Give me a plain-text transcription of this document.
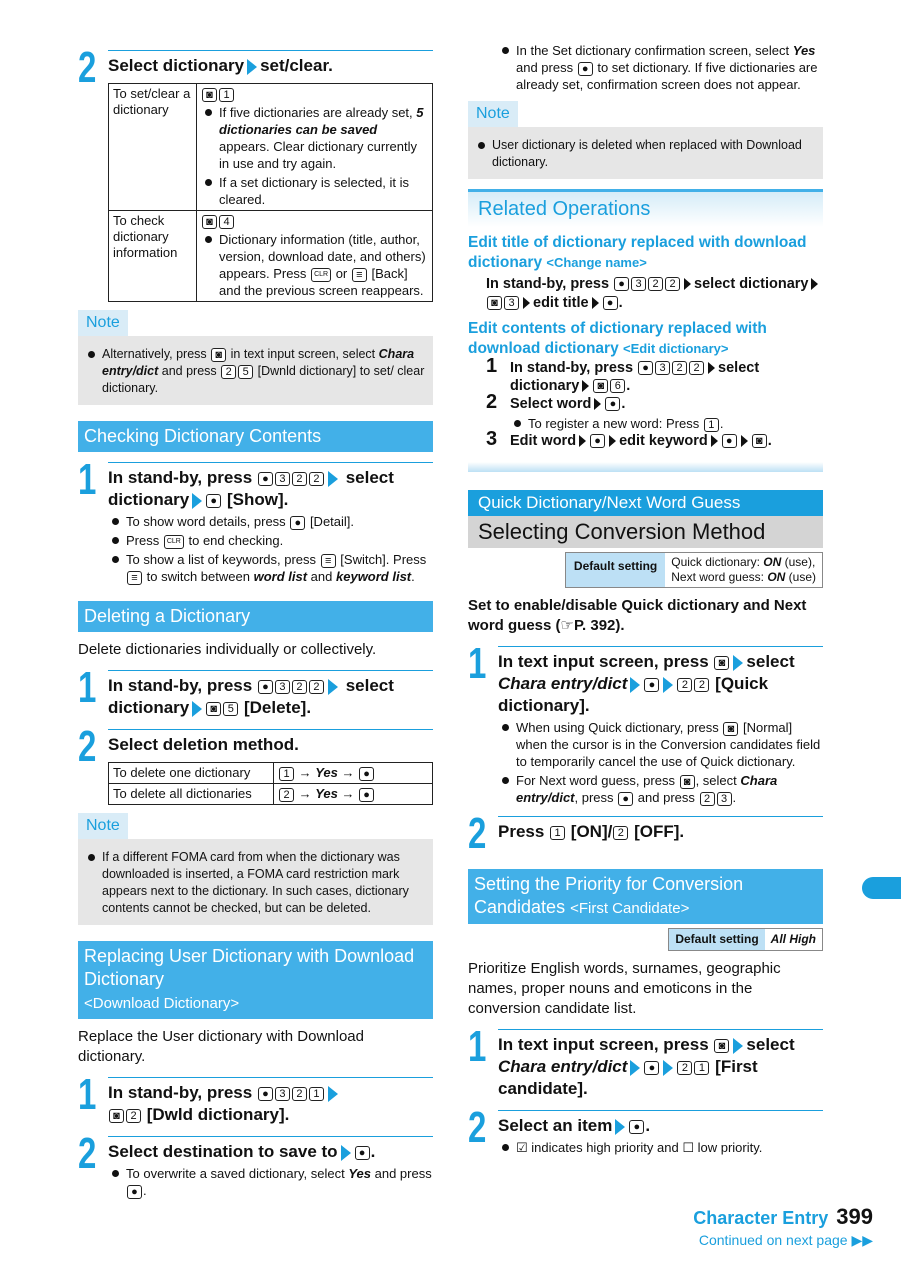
2 Select dictionary set/clear.
To set/clear a dictionary	◙ 1
If five dictionaries are already set, 5 dictionaries can be saved appears. Clear dictionary currently in use and try again.
If a set dictionary is selected, it is cleared.

To check dictionary information	◙ 4
Dictionary information (title, author, version, download date, and others) appears. Press CLR or ≡ [Back] and the previous screen reappears.
Note
Alternatively, press ◙ in text input screen, select Chara entry/dict and press 2 5 [Dwnld dictionary] to set/ clear dictionary.
Checking Dictionary Contents
1 In stand-by, press ● 3 2 2 select dictionary ● [Show].
To show word details, press ● [Detail].
Press CLR to end checking.
To show a list of keywords, press ≡ [Switch]. Press ≡ to switch between word list and keyword list.
Deleting a Dictionary
Delete dictionaries individually or collectively.
1 In stand-by, press ● 3 2 2 select dictionary ◙ 5 [Delete].
2 Select deletion method.
To delete one dictionary	1 → Yes → ●
To delete all dictionaries	2 → Yes → ●
Note
If a different FOMA card from when the dictionary was downloaded is inserted, a FOMA card restriction mark appears next to the dictionary. In such cases, dictionary contents cannot be checked, but can be deleted.
Replacing User Dictionary with Download Dictionary
<Download Dictionary>
Replace the User dictionary with Download dictionary.
1 In stand-by, press ● 3 2 1
◙ 2 [Dwld dictionary].
2 Select destination to save to ● .
To overwrite a saved dictionary, select Yes and press ● .
In the Set dictionary confirmation screen, select Yes and press ● to set dictionary. If five dictionaries are already set, confirmation screen does not appear.
Note
User dictionary is deleted when replaced with Download dictionary.
Related Operations
Edit title of dictionary replaced with download dictionary <Change name>
In stand-by, press ● 3 2 2 select dictionary◙ 3 edit title ● .
Edit contents of dictionary replaced with download dictionary <Edit dictionary>
1 In stand-by, press ● 3 2 2 select dictionary ◙ 6 .
2 Select word ● .
To register a new word: Press 1 .
3 Edit word ● edit keyword ● ◙ .
Quick Dictionary/Next Word Guess
Selecting Conversion Method
Default setting	Quick dictionary: ON (use),
Next word guess: ON (use)
Set to enable/disable Quick dictionary and Next word guess (☞P. 392).
1 In text input screen, press ◙ select Chara entry/dict ● 2 2 [Quick dictionary].
When using Quick dictionary, press ◙ [Normal] when the cursor is in the Conversion candidates field to temporarily cancel the use of Quick dictionary.
For Next word guess, press ◙ , select Chara entry/dict, press ● and press 2 3 .
2 Press 1 [ON]/ 2 [OFF].
Setting the Priority for Conversion Candidates <First Candidate>
Default setting	All High
Prioritize English words, surnames, geographic names, proper nouns and emoticons in the conversion candidate list.
1 In text input screen, press ◙ select Chara entry/dict ● 2 1 [First candidate].
2 Select an item ● .
☑ indicates high priority and ☐ low priority.
Character Entry 399
Continued on next page ▶▶
